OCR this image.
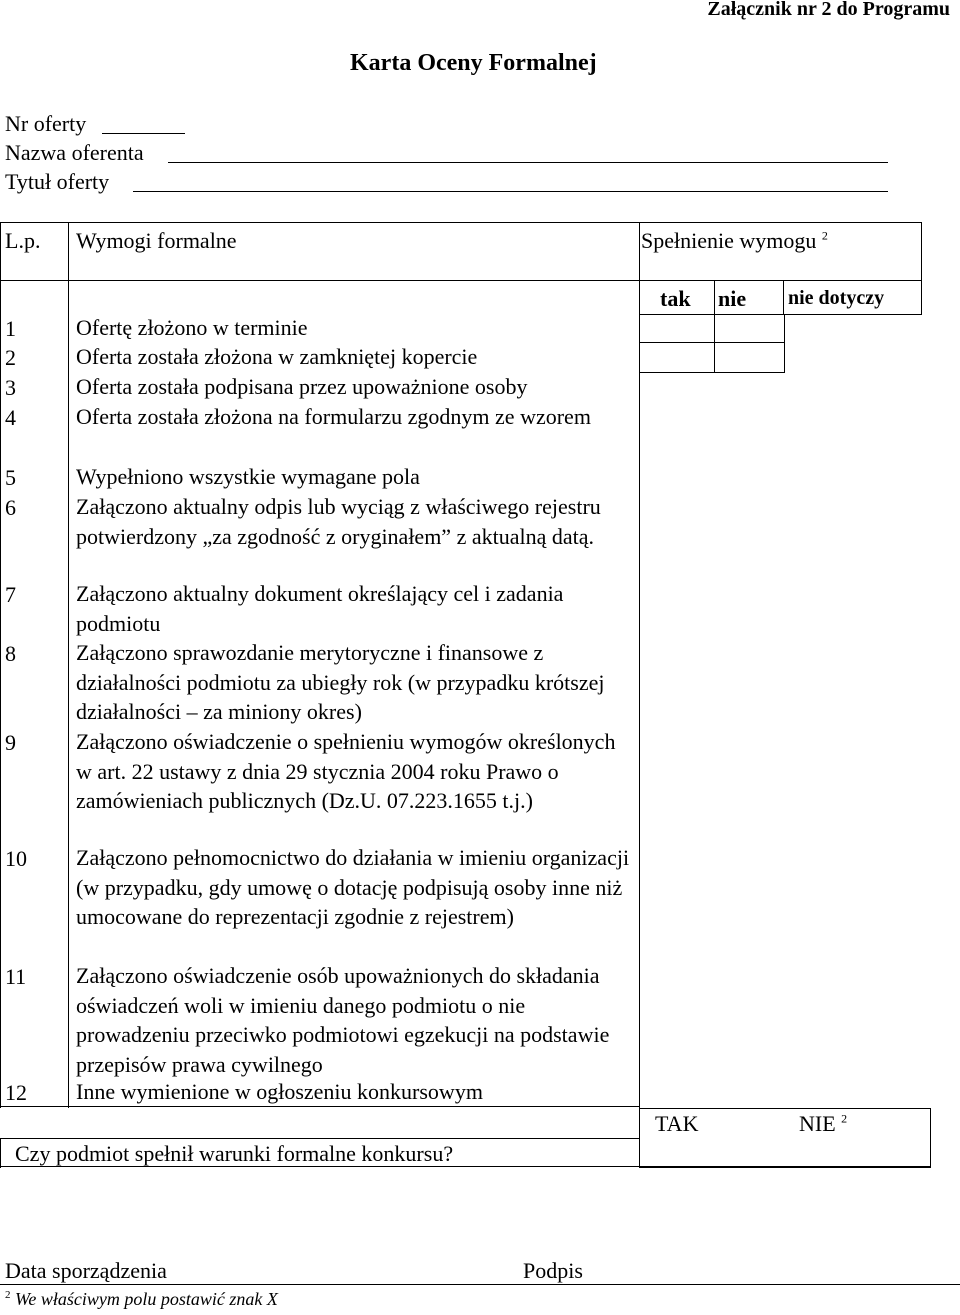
Załącznik nr 2 do Programu
Karta Oceny Formalnej
Nr oferty
Nazwa oferenta
Tytuł oferty
L.p. Wymogi formalne	Spełnienie wymogu $^2$
tak nie nie dotyczy
1	Ofertę złożono w terminie
2	Oferta została złożona w zamkniętej kopercie
3	Oferta została podpisana przez upoważnione osoby
4	Oferta została złożona na formularzu zgodnym ze wzorem
5	Wypełniono wszystkie wymagane pola
6	Załączono aktualny odpis lub wyciąg z właściwego rejestru potwierdzony „za zgodność z oryginałem” z aktualną datą.
7	Załączono aktualny dokument określający cel i zadania podmiotu
8	Załączono sprawozdanie merytoryczne i finansowe z działalności podmiotu za ubiegły rok (w przypadku krótszej działalności – za miniony okres)
9	Załączono oświadczenie o spełnieniu wymogów określonych w art. 22 ustawy z dnia 29 stycznia 2004 roku Prawo o zamówieniach publicznych (Dz.U. 07.223.1655 t.j.)
10 Załączono pełnomocnictwo do działania w imieniu organizacji (w przypadku, gdy umowę o dotację podpisują osoby inne niż umocowane do reprezentacji zgodnie z rejestrem)
11 Załączono oświadczenie osób upoważnionych do składania oświadczeń woli w imieniu danego podmiotu o nie prowadzeniu przeciwko podmiotowi egzekucji na podstawie przepisów prawa cywilnego
12 Inne wymienione w ogłoszeniu konkursowym
Czy podmiot spełnił warunki formalne konkursu?
TAK	NIE $^2$
Data sporządzenia	Podpis
$^2$ We właściwym polu postawić znak X
